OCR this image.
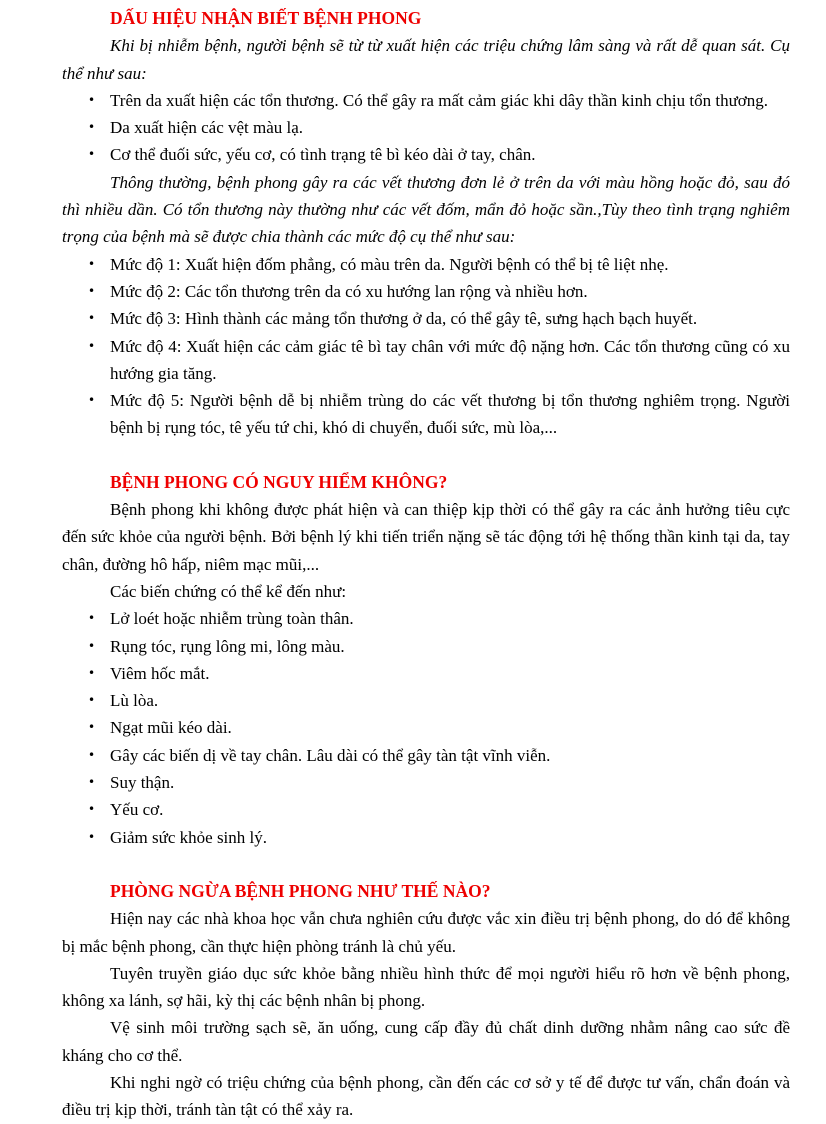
DẤU HIỆU NHẬN BIẾT BỆNH PHONG

Khi bị nhiễm bệnh, người bệnh sẽ từ từ xuất hiện các triệu chứng lâm sàng và rất dễ quan sát. Cụ thể như sau:

• Trên da xuất hiện các tổn thương. Có thể gây ra mất cảm giác khi dây thần kinh chịu tổn thương.
• Da xuất hiện các vệt màu lạ.
• Cơ thể đuối sức, yếu cơ, có tình trạng tê bì kéo dài ở tay, chân.

Thông thường, bệnh phong gây ra các vết thương đơn lẻ ở trên da với màu hồng hoặc đỏ, sau đó thì nhiều dần. Có tổn thương này thường như các vết đốm, mẩn đỏ hoặc sần.,Tùy theo tình trạng nghiêm trọng của bệnh mà sẽ được chia thành các mức độ cụ thể như sau:

• Mức độ 1: Xuất hiện đốm phẳng, có màu trên da. Người bệnh có thể bị tê liệt nhẹ.
• Mức độ 2: Các tổn thương trên da có xu hướng lan rộng và nhiều hơn.
• Mức độ 3: Hình thành các mảng tổn thương ở da, có thể gây tê, sưng hạch bạch huyết.
• Mức độ 4: Xuất hiện các cảm giác tê bì tay chân với mức độ nặng hơn. Các tổn thương cũng có xu hướng gia tăng.
• Mức độ 5: Người bệnh dễ bị nhiễm trùng do các vết thương bị tổn thương nghiêm trọng. Người bệnh bị rụng tóc, tê yếu tứ chi, khó di chuyển, đuối sức, mù lòa,...
BỆNH PHONG CÓ NGUY HIỂM KHÔNG?

Bệnh phong khi không được phát hiện và can thiệp kịp thời có thể gây ra các ảnh hưởng tiêu cực đến sức khỏe của người bệnh. Bởi bệnh lý khi tiến triển nặng sẽ tác động tới hệ thống thần kinh tại da, tay chân, đường hô hấp, niêm mạc mũi,...

Các biến chứng có thể kể đến như:

• Lở loét hoặc nhiễm trùng toàn thân.
• Rụng tóc, rụng lông mi, lông màu.
• Viêm hốc mắt.
• Lù lòa.
• Ngạt mũi kéo dài.
• Gây các biến dị về tay chân. Lâu dài có thể gây tàn tật vĩnh viễn.
• Suy thận.
• Yếu cơ.
• Giảm sức khỏe sinh lý.
PHÒNG NGỪA BỆNH PHONG NHƯ THẾ NÀO?

Hiện nay các nhà khoa học vẫn chưa nghiên cứu được vắc xin điều trị bệnh phong, do dó để không bị mắc bệnh phong, cần thực hiện phòng tránh là chủ yếu.

Tuyên truyền giáo dục sức khỏe bằng nhiều hình thức để mọi người hiểu rõ hơn về bệnh phong, không xa lánh, sợ hãi, kỳ thị các bệnh nhân bị phong.

Vệ sinh môi trường sạch sẽ, ăn uống, cung cấp đầy đủ chất dinh dưỡng nhằm nâng cao sức đề kháng cho cơ thể.

Khi nghi ngờ có triệu chứng của bệnh phong, cần đến các cơ sở y tế để được tư vấn, chẩn đoán và điều trị kịp thời, tránh tàn tật có thể xảy ra.
